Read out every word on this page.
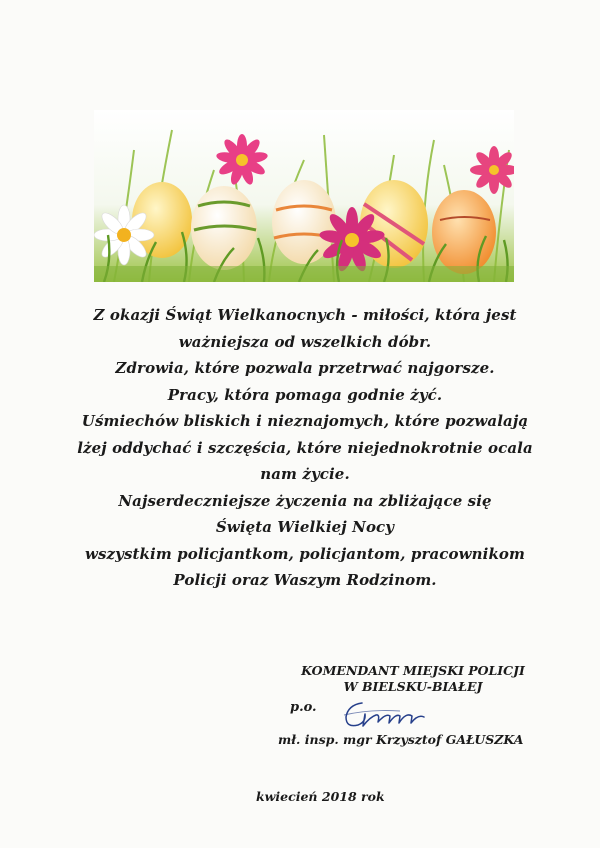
Z okazji Świąt Wielkanocnych - miłości, która jest
ważniejsza od wszelkich dóbr.
Zdrowia, które pozwala przetrwać najgorsze.
Pracy, która pomaga godnie żyć.
Uśmiechów bliskich i nieznajomych, które pozwalają
lżej oddychać i szczęścia, które niejednokrotnie ocala
nam życie.
Najserdeczniejsze życzenia na zbliżające się
Święta Wielkiej Nocy
wszystkim policjantkom, policjantom, pracownikom
Policji oraz Waszym Rodzinom.
KOMENDANT MIEJSKI POLICJI
W BIELSKU-BIAŁEJ
p.o.
mł. insp. mgr Krzysztof GAŁUSZKA
kwiecień 2018 rok
